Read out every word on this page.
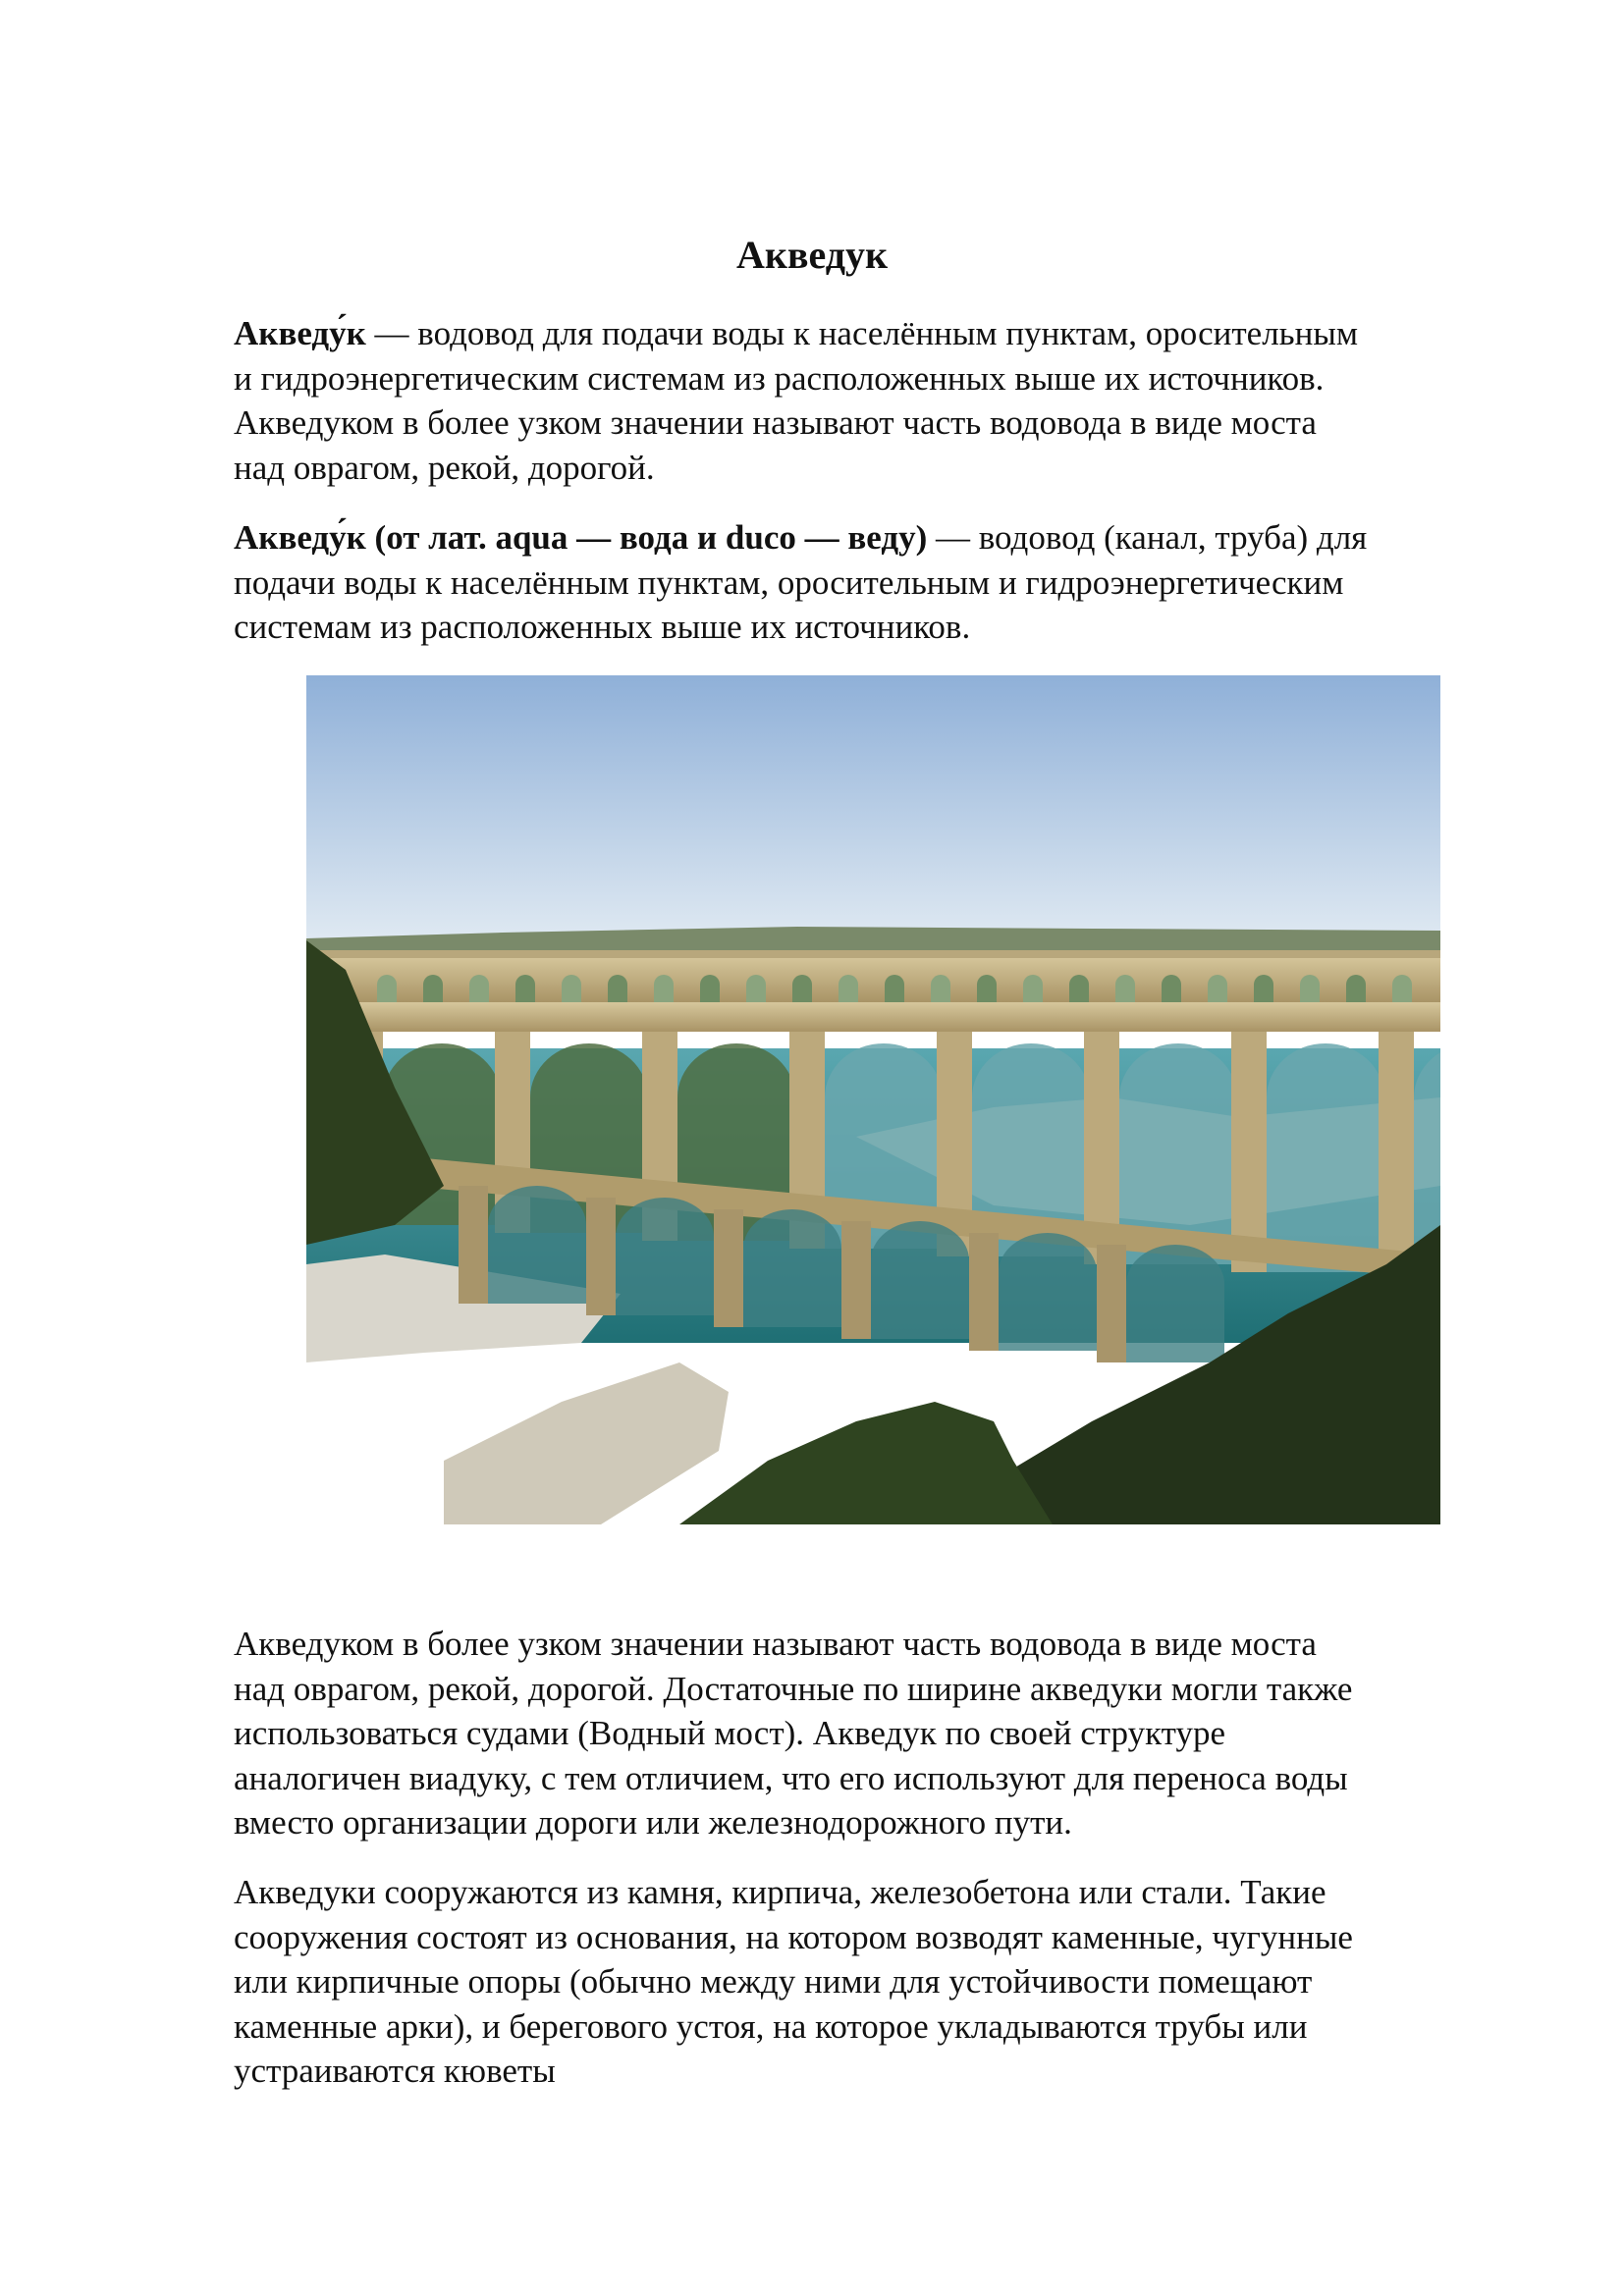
Акведук

Акведу́к — водовод для подачи воды к населённым пунктам, оросительным
и гидроэнергетическим системам из расположенных выше их источников.
Акведуком в более узком значении называют часть водовода в виде моста
над оврагом, рекой, дорогой.

Акведу́к (от лат. aqua — вода и duco — веду) — водовод (канал, труба) для
подачи воды к населённым пунктам, оросительным и гидроэнергетическим
системам из расположенных выше их источников.

Акведуком в более узком значении называют часть водовода в виде моста
над оврагом, рекой, дорогой. Достаточные по ширине акведуки могли также
использоваться судами (Водный мост). Акведук по своей структуре
аналогичен виадуку, с тем отличием, что его используют для переноса воды
вместо организации дороги или железнодорожного пути.

Акведуки сооружаются из камня, кирпича, железобетона или стали. Такие
сооружения состоят из основания, на котором возводят каменные, чугунные
или кирпичные опоры (обычно между ними для устойчивости помещают
каменные арки), и берегового устоя, на которое укладываются трубы или
устраиваются кюветы
